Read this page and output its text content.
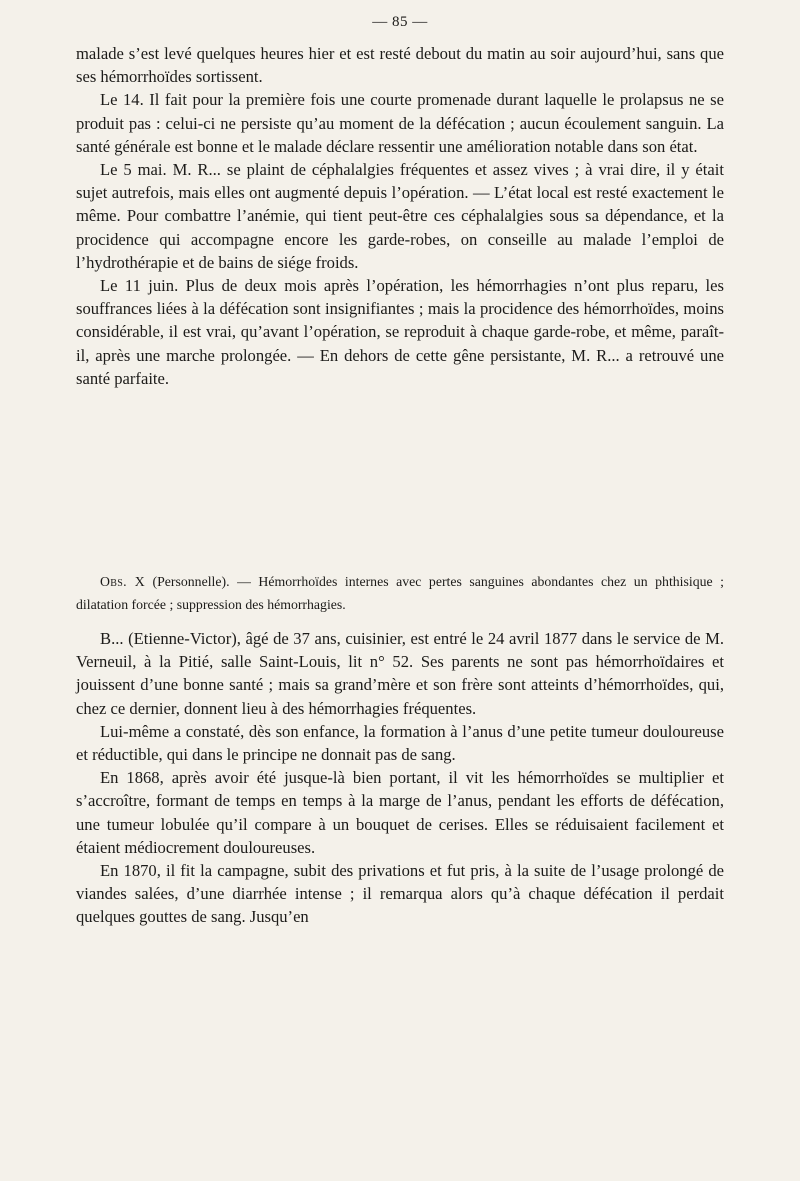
— 85 —

malade s’est levé quelques heures hier et est resté debout du matin au soir aujourd’hui, sans que ses hémorrhoïdes sortissent.

Le 14. Il fait pour la première fois une courte promenade durant laquelle le prolapsus ne se produit pas : celui-ci ne persiste qu’au moment de la défécation ; aucun écoulement sanguin. La santé générale est bonne et le malade déclare ressentir une amélioration notable dans son état.

Le 5 mai. M. R... se plaint de céphalalgies fréquentes et assez vives ; à vrai dire, il y était sujet autrefois, mais elles ont augmenté depuis l’opération. — L’état local est resté exactement le même. Pour combattre l’anémie, qui tient peut-être ces céphalalgies sous sa dépendance, et la procidence qui accompagne encore les garde-robes, on conseille au malade l’emploi de l’hydrothérapie et de bains de siége froids.

Le 11 juin. Plus de deux mois après l’opération, les hémorrhagies n’ont plus reparu, les souffrances liées à la défécation sont insignifiantes ; mais la procidence des hémorrhoïdes, moins considérable, il est vrai, qu’avant l’opération, se reproduit à chaque garde-robe, et même, paraît-il, après une marche prolongée. — En dehors de cette gêne persistante, M. R... a retrouvé une santé parfaite.

Obs. X (Personnelle). — Hémorrhoïdes internes avec pertes sanguines abondantes chez un phthisique ; dilatation forcée ; suppression des hémorrhagies.

B... (Etienne-Victor), âgé de 37 ans, cuisinier, est entré le 24 avril 1877 dans le service de M. Verneuil, à la Pitié, salle Saint-Louis, lit n° 52. Ses parents ne sont pas hémorrhoïdaires et jouissent d’une bonne santé ; mais sa grand’mère et son frère sont atteints d’hémorrhoïdes, qui, chez ce dernier, donnent lieu à des hémorrhagies fréquentes.

Lui-même a constaté, dès son enfance, la formation à l’anus d’une petite tumeur douloureuse et réductible, qui dans le principe ne donnait pas de sang.

En 1868, après avoir été jusque-là bien portant, il vit les hémorrhoïdes se multiplier et s’accroître, formant de temps en temps à la marge de l’anus, pendant les efforts de défécation, une tumeur lobulée qu’il compare à un bouquet de cerises. Elles se réduisaient facilement et étaient médiocrement douloureuses.

En 1870, il fit la campagne, subit des privations et fut pris, à la suite de l’usage prolongé de viandes salées, d’une diarrhée intense ; il remarqua alors qu’à chaque défécation il perdait quelques gouttes de sang. Jusqu’en
